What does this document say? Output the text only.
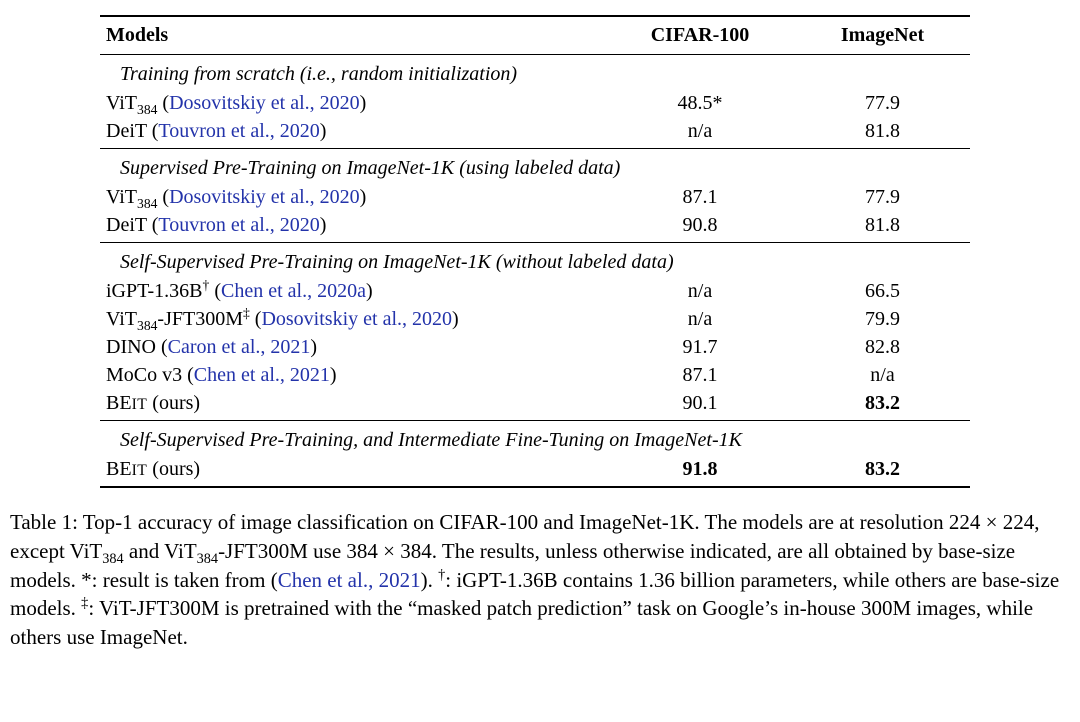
Models	CIFAR-100	ImageNet
Training from scratch (i.e., random initialization)
ViT$_{384}$ (Dosovitskiy et al., 2020)	48.5*	77.9
DeiT (Touvron et al., 2020)	n/a	81.8
Supervised Pre-Training on ImageNet-1K (using labeled data)
ViT$_{384}$ (Dosovitskiy et al., 2020)	87.1	77.9
DeiT (Touvron et al., 2020)	90.8	81.8
Self-Supervised Pre-Training on ImageNet-1K (without labeled data)
iGPT-1.36B† (Chen et al., 2020a)	n/a	66.5
ViT$_{384}$-JFT300M‡ (Dosovitskiy et al., 2020)	n/a	79.9
DINO (Caron et al., 2021)	91.7	82.8
MoCo v3 (Chen et al., 2021)	87.1	n/a
BEIT (ours)	90.1	83.2
Self-Supervised Pre-Training, and Intermediate Fine-Tuning on ImageNet-1K
BEIT (ours)	91.8	83.2
Table 1: Top-1 accuracy of image classification on CIFAR-100 and ImageNet-1K. The models are at resolution 224 × 224, except ViT$_{384}$ and ViT$_{384}$-JFT300M use 384 × 384. The results, unless otherwise indicated, are all obtained by base-size models. *: result is taken from (Chen et al., 2021). †: iGPT-1.36B contains 1.36 billion parameters, while others are base-size models. ‡: ViT-JFT300M is pretrained with the “masked patch prediction” task on Google’s in-house 300M images, while others use ImageNet.
